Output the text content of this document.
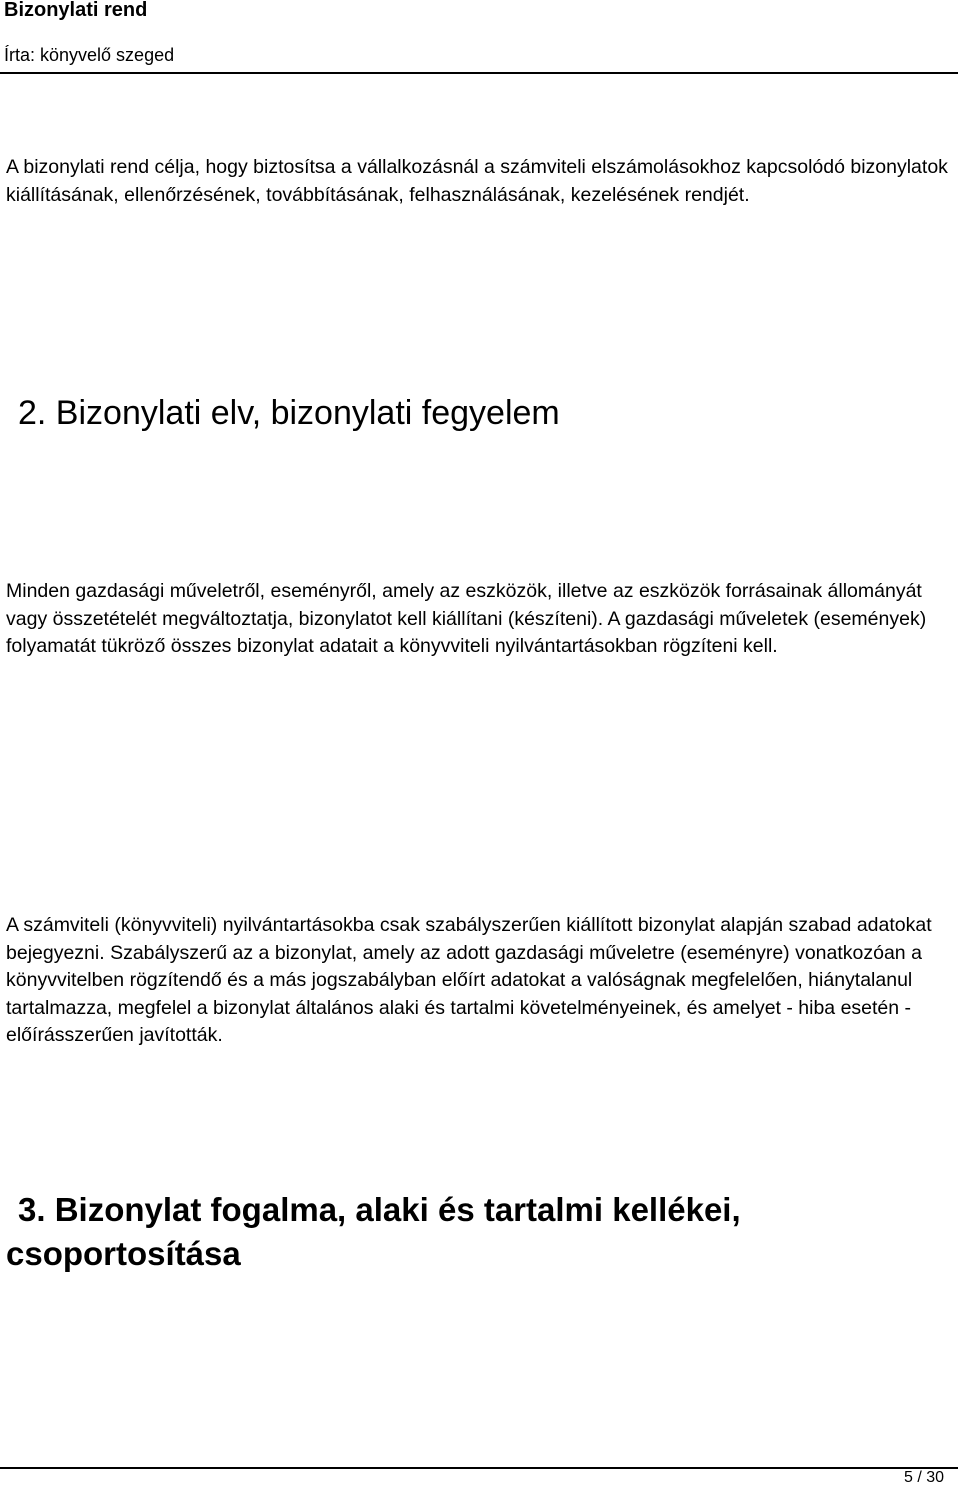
Bizonylati rend
Írta: könyvelő szeged

A bizonylati rend célja, hogy biztosítsa a vállalkozásnál a számviteli elszámolásokhoz kapcsolódó bizonylatok kiállításának, ellenőrzésének, továbbításának, felhasználásának, kezelésének rendjét.

2. Bizonylati elv, bizonylati fegyelem

Minden gazdasági műveletről, eseményről, amely az eszközök, illetve az eszközök forrásainak állományát vagy összetételét megváltoztatja, bizonylatot kell kiállítani (készíteni). A gazdasági műveletek (események) folyamatát tükröző összes bizonylat adatait a könyvviteli nyilvántartásokban rögzíteni kell.

A számviteli (könyvviteli) nyilvántartásokba csak szabályszerűen kiállított bizonylat alapján szabad adatokat bejegyezni. Szabályszerű az a bizonylat, amely az adott gazdasági műveletre (eseményre) vonatkozóan a könyvvitelben rögzítendő és a más jogszabályban előírt adatokat a valóságnak megfelelően, hiánytalanul tartalmazza, megfelel a bizonylat általános alaki és tartalmi követelményeinek, és amelyet - hiba esetén - előírásszerűen javították.

3. Bizonylat fogalma, alaki és tartalmi kellékei, csoportosítása
5 / 30
